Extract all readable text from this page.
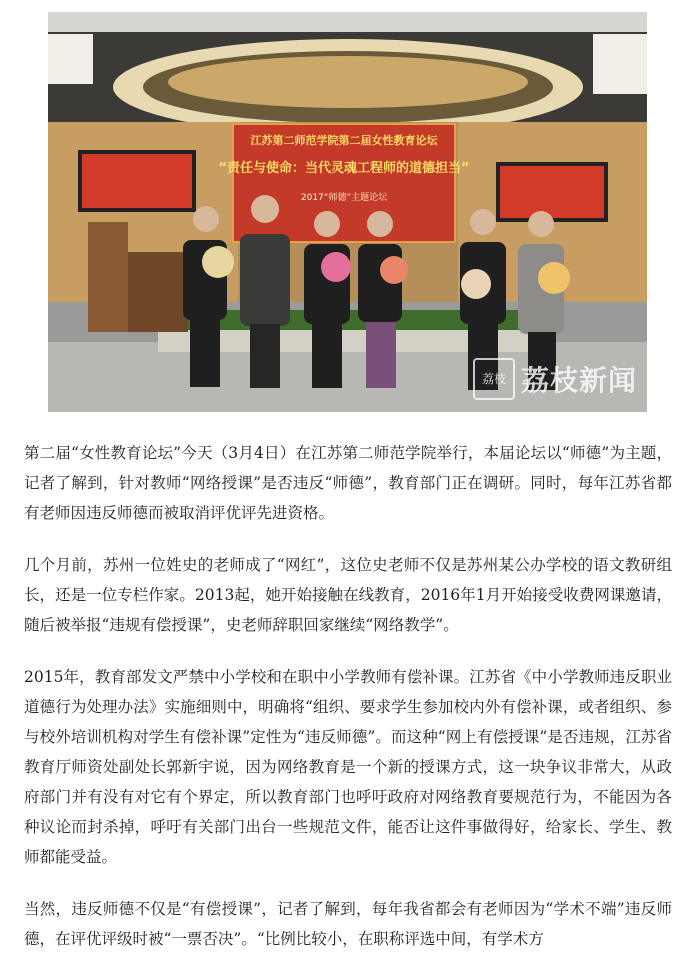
江苏第二师范学院第二届女性教育论坛
“责任与使命：当代灵魂工程师的道德担当”
2017“师德”主题论坛
荔枝 荔枝新闻

第二届“女性教育论坛”今天（3月4日）在江苏第二师范学院举行，本届论坛以“师德”为主题，记者了解到，针对教师“网络授课”是否违反“师德”，教育部门正在调研。同时，每年江苏省都有老师因违反师德而被取消评优评先进资格。

几个月前，苏州一位姓史的老师成了“网红”，这位史老师不仅是苏州某公办学校的语文教研组长，还是一位专栏作家。2013起，她开始接触在线教育，2016年1月开始接受收费网课邀请，随后被举报“违规有偿授课”，史老师辞职回家继续“网络教学”。

2015年，教育部发文严禁中小学校和在职中小学教师有偿补课。江苏省《中小学教师违反职业道德行为处理办法》实施细则中，明确将“组织、要求学生参加校内外有偿补课，或者组织、参与校外培训机构对学生有偿补课”定性为“违反师德”。而这种“网上有偿授课”是否违规，江苏省教育厅师资处副处长郭新宇说，因为网络教育是一个新的授课方式，这一块争议非常大，从政府部门并有没有对它有个界定，所以教育部门也呼吁政府对网络教育要规范行为，不能因为各种议论而封杀掉，呼吁有关部门出台一些规范文件，能否让这件事做得好，给家长、学生、教师都能受益。

当然，违反师德不仅是“有偿授课”，记者了解到，每年我省都会有老师因为“学术不端”违反师德，在评优评级时被“一票否决”。“比例比较小，在职称评选中间，有学术方
